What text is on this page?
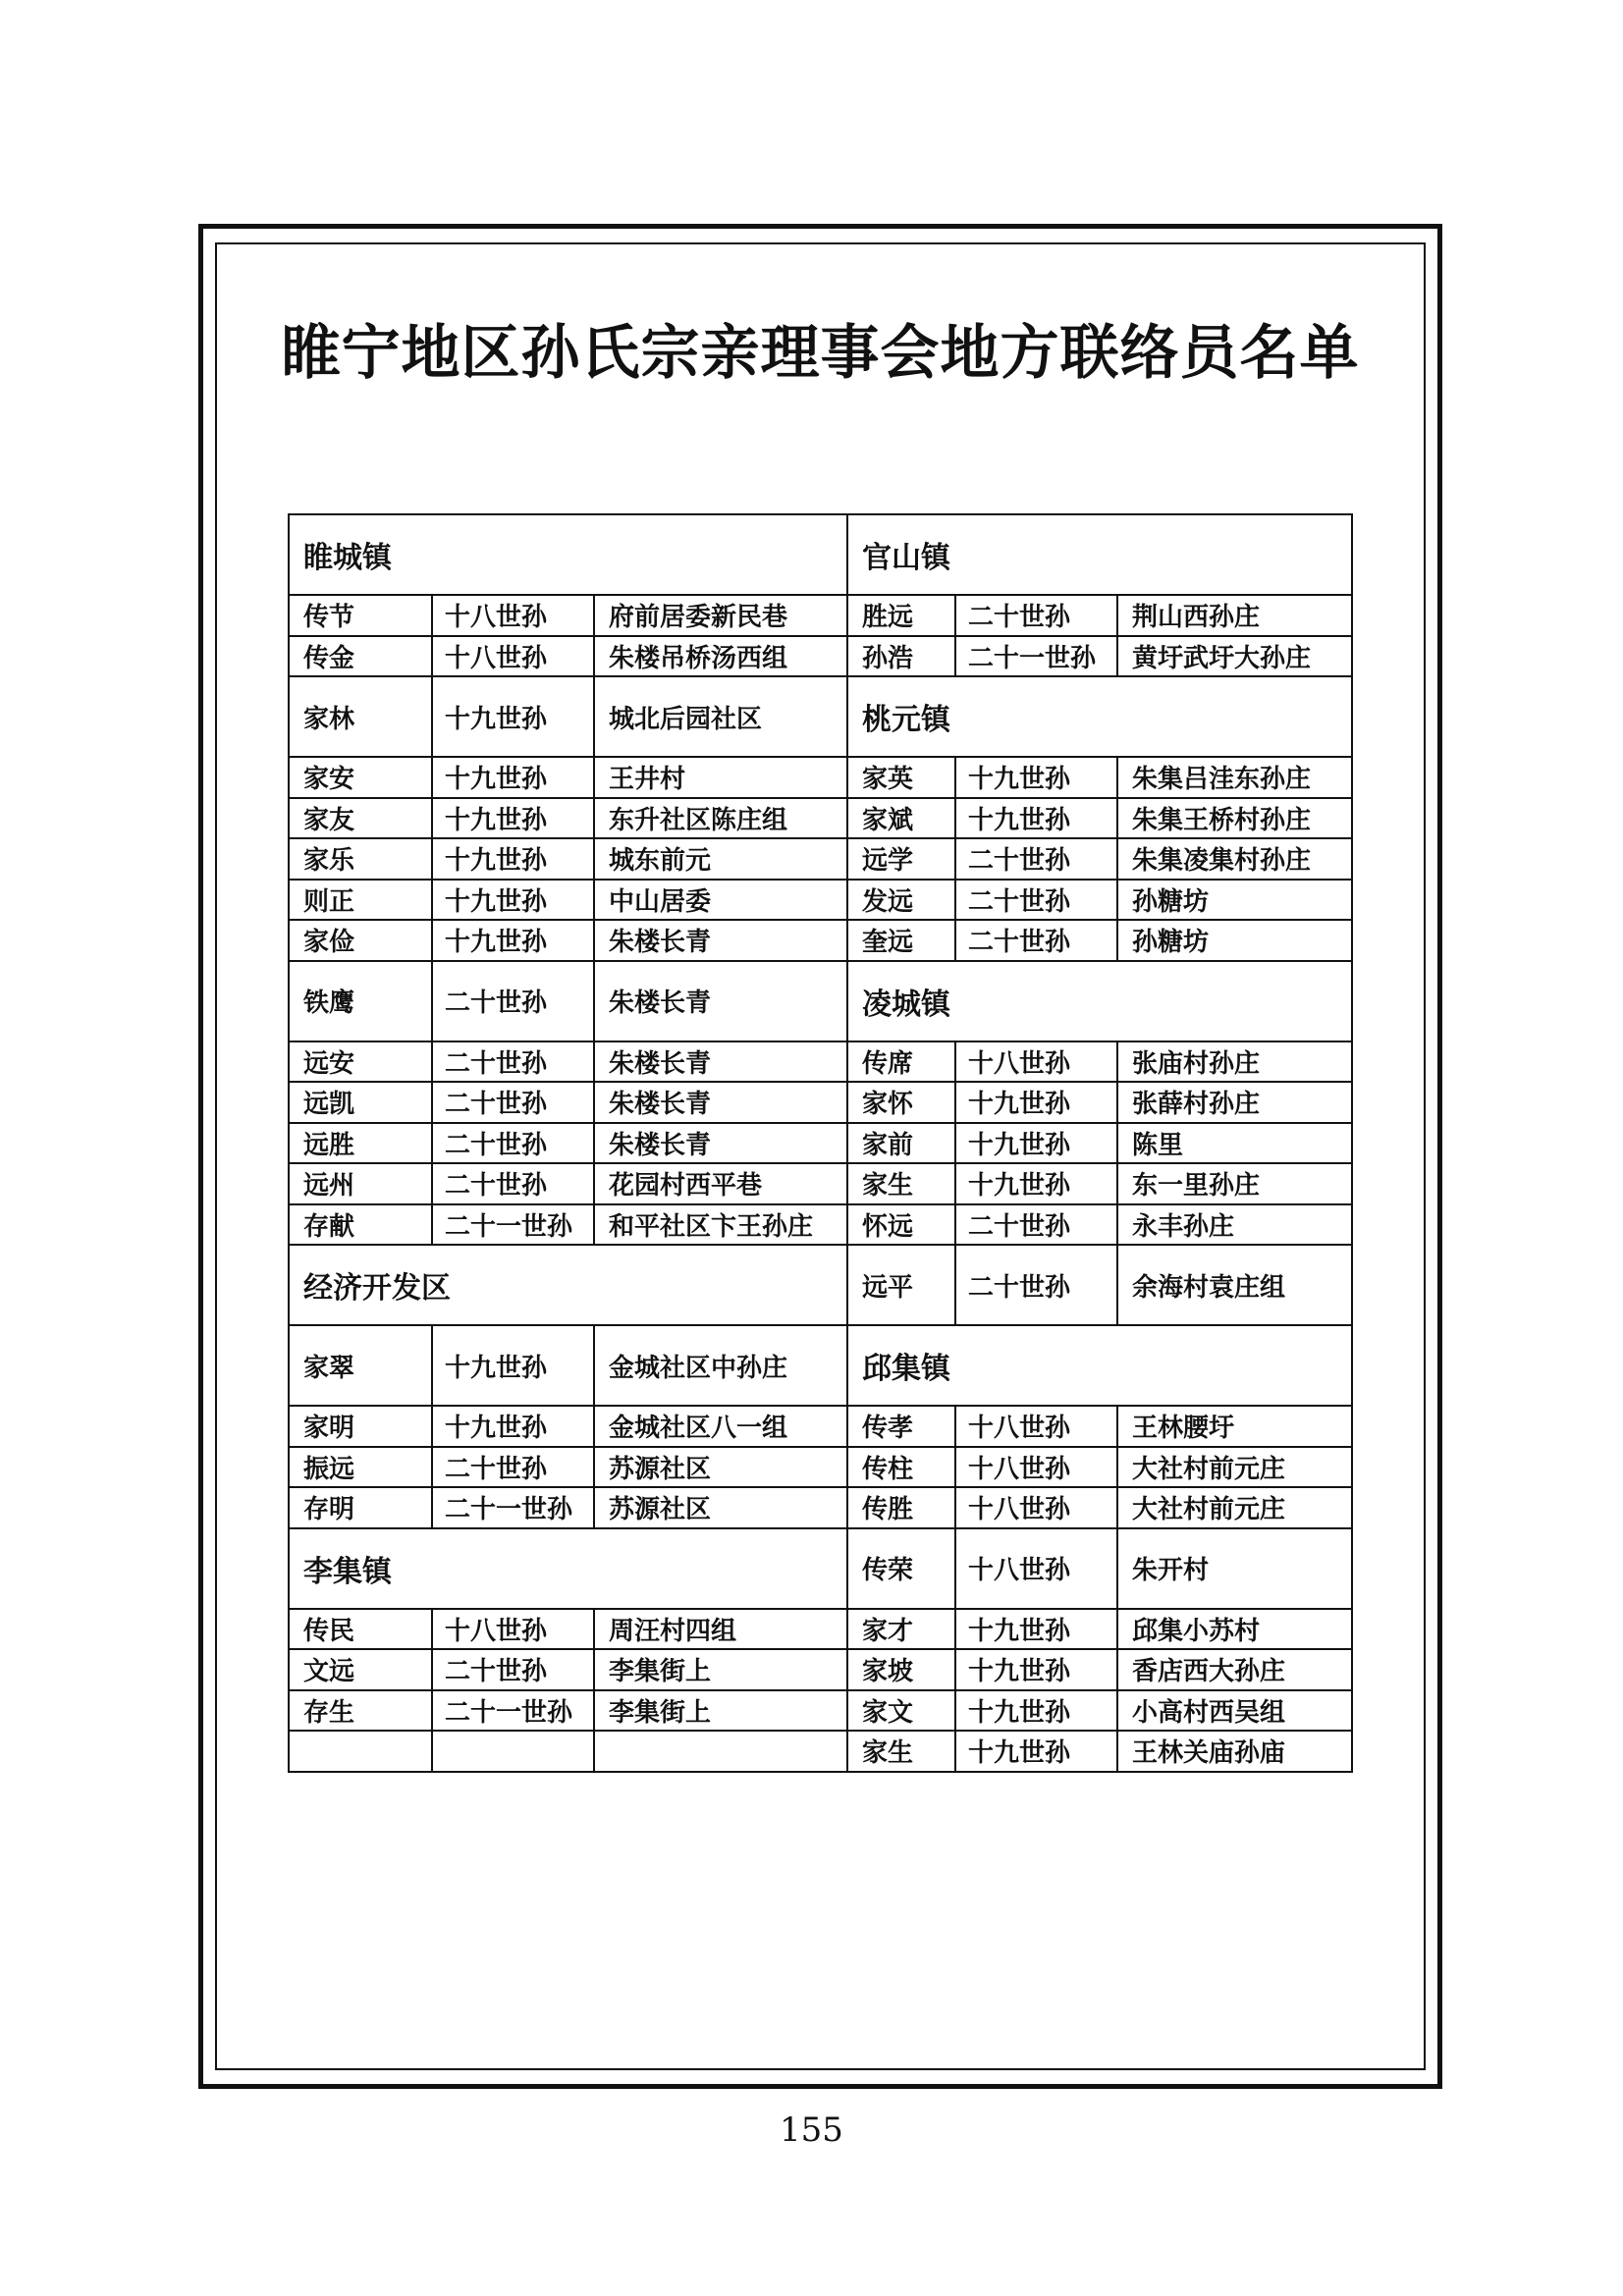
睢宁地区孙氏宗亲理事会地方联络员名单
睢城镇			官山镇		
传节	十八世孙	府前居委新民巷	胜远	二十世孙	荆山西孙庄
传金	十八世孙	朱楼吊桥汤西组	孙浩	二十一世孙	黄圩武圩大孙庄
家林	十九世孙	城北后园社区	桃元镇		
家安	十九世孙	王井村	家英	十九世孙	朱集吕洼东孙庄
家友	十九世孙	东升社区陈庄组	家斌	十九世孙	朱集王桥村孙庄
家乐	十九世孙	城东前元	远学	二十世孙	朱集凌集村孙庄
则正	十九世孙	中山居委	发远	二十世孙	孙糖坊
家俭	十九世孙	朱楼长青	奎远	二十世孙	孙糖坊
铁鹰	二十世孙	朱楼长青	凌城镇		
远安	二十世孙	朱楼长青	传席	十八世孙	张庙村孙庄
远凯	二十世孙	朱楼长青	家怀	十九世孙	张薛村孙庄
远胜	二十世孙	朱楼长青	家前	十九世孙	陈里
远州	二十世孙	花园村西平巷	家生	十九世孙	东一里孙庄
存献	二十一世孙	和平社区卞王孙庄	怀远	二十世孙	永丰孙庄
经济开发区			远平	二十世孙	余海村袁庄组
家翠	十九世孙	金城社区中孙庄	邱集镇		
家明	十九世孙	金城社区八一组	传孝	十八世孙	王林腰圩
振远	二十世孙	苏源社区	传柱	十八世孙	大社村前元庄
存明	二十一世孙	苏源社区	传胜	十八世孙	大社村前元庄
李集镇			传荣	十八世孙	朱开村
传民	十八世孙	周汪村四组	家才	十九世孙	邱集小苏村
文远	二十世孙	李集街上	家坡	十九世孙	香店西大孙庄
存生	二十一世孙	李集街上	家文	十九世孙	小高村西吴组
			家生	十九世孙	王林关庙孙庙
155
